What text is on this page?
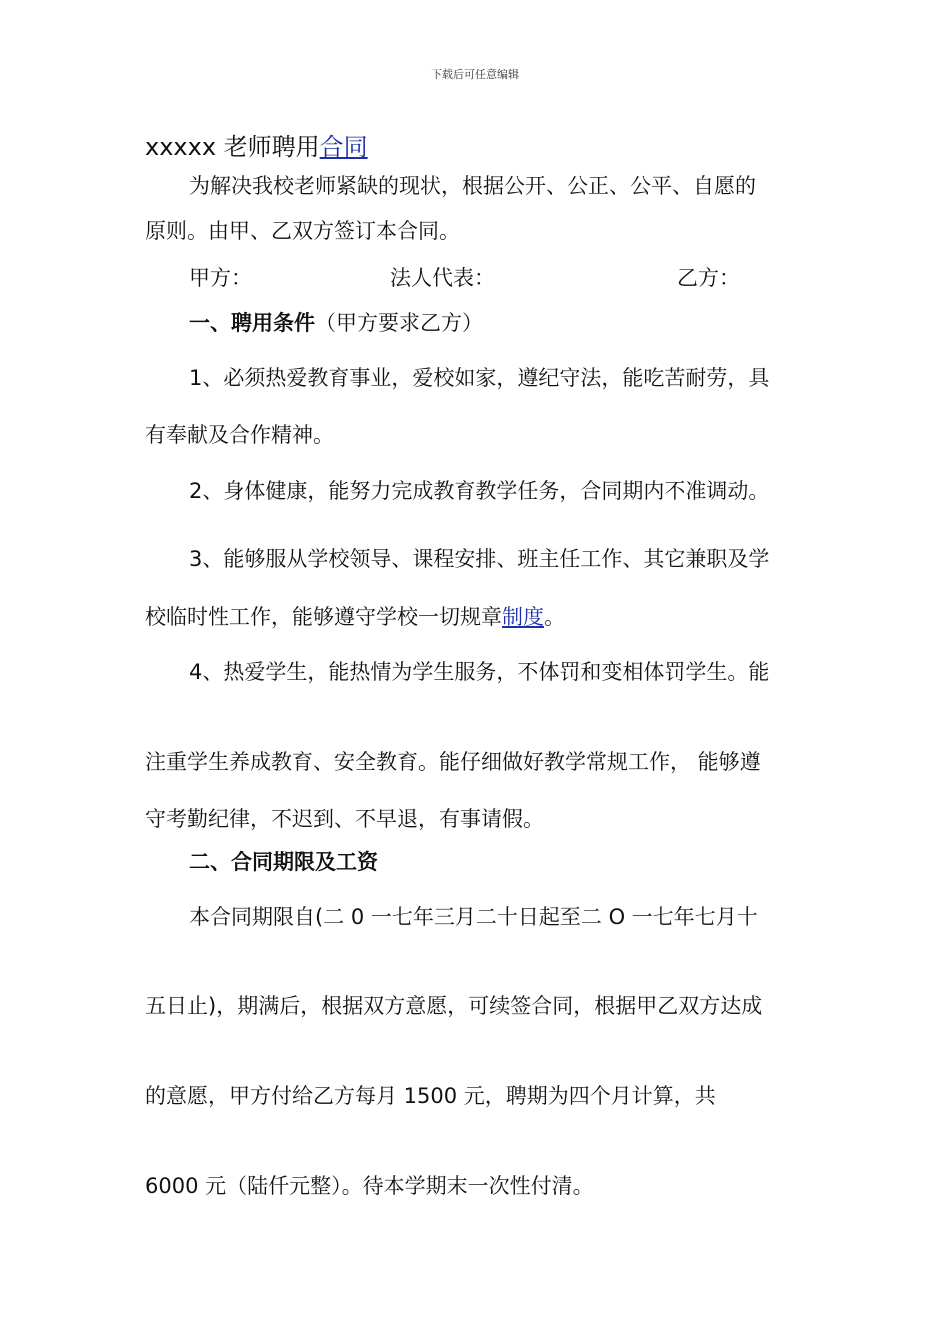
下载后可任意编辑
xxxxx 老师聘用合同
为解决我校老师紧缺的现状，根据公开、公正、公平、自愿的
原则。由甲、乙双方签订本合同。
甲方：	法人代表：	乙方：
一、聘用条件（甲方要求乙方）
1、必须热爱教育事业，爱校如家，遵纪守法，能吃苦耐劳，具
有奉献及合作精神。
2、身体健康，能努力完成教育教学任务，合同期内不准调动。
3、能够服从学校领导、课程安排、班主任工作、其它兼职及学
校临时性工作，能够遵守学校一切规章制度。
4、热爱学生，能热情为学生服务，不体罚和变相体罚学生。能
注重学生养成教育、安全教育。能仔细做好教学常规工作， 能够遵
守考勤纪律，不迟到、不早退，有事请假。
二、合同期限及工资
本合同期限自(二 0 一七年三月二十日起至二 O 一七年七月十
五日止)，期满后，根据双方意愿，可续签合同，根据甲乙双方达成
的意愿，甲方付给乙方每月 1500 元，聘期为四个月计算，共
6000 元（陆仟元整）。待本学期末一次性付清。
